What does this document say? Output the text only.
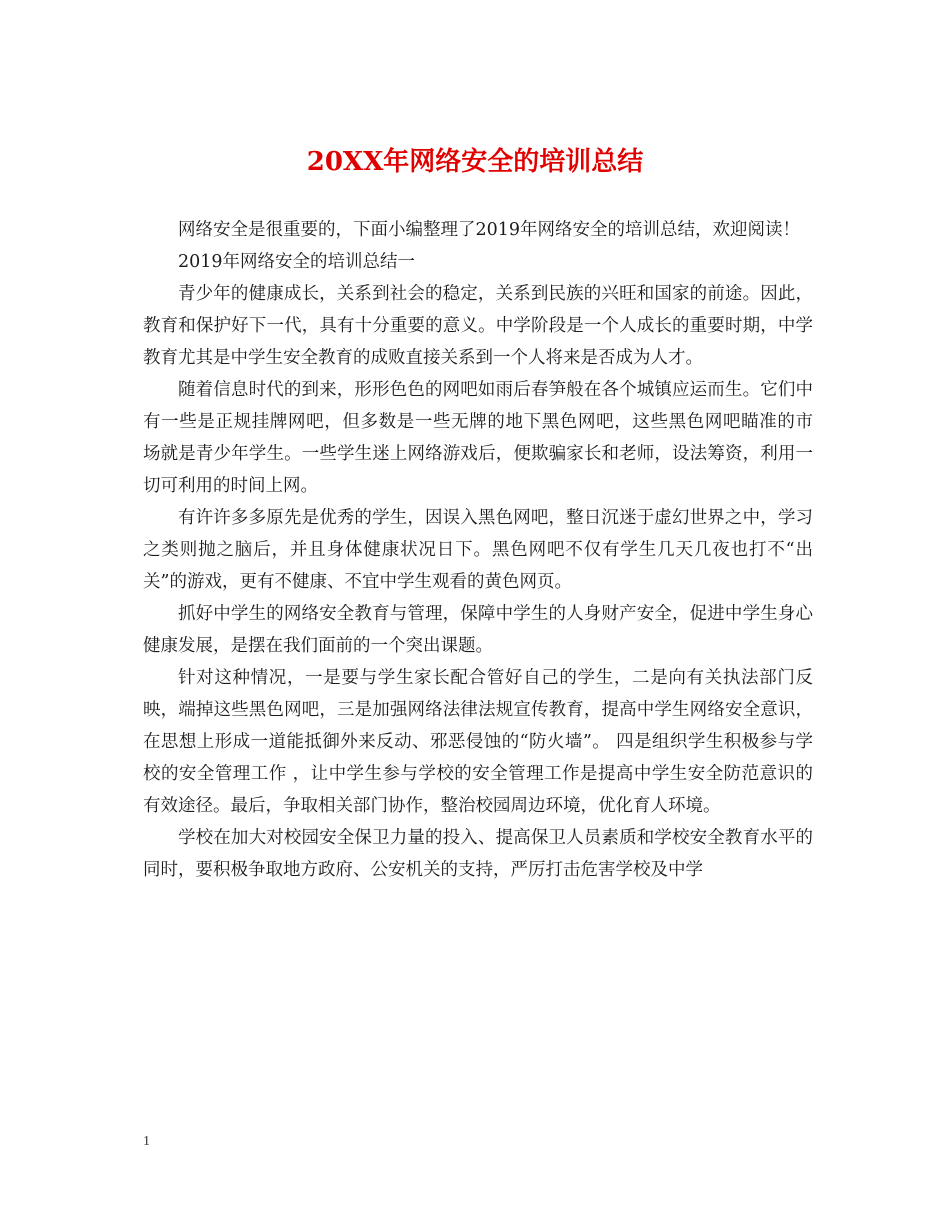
20XX年网络安全的培训总结

网络安全是很重要的，下面小编整理了2019年网络安全的培训总结，欢迎阅读！

2019年网络安全的培训总结一

青少年的健康成长，关系到社会的稳定，关系到民族的兴旺和国家的前途。因此，教育和保护好下一代，具有十分重要的意义。中学阶段是一个人成长的重要时期，中学教育尤其是中学生安全教育的成败直接关系到一个人将来是否成为人才。

随着信息时代的到来，形形色色的网吧如雨后春笋般在各个城镇应运而生。它们中有一些是正规挂牌网吧，但多数是一些无牌的地下黑色网吧，这些黑色网吧瞄准的市 场就是青少年学生。一些学生迷上网络游戏后，便欺骗家长和老师，设法筹资，利用一切可利用的时间上网。

有许许多多原先是优秀的学生，因误入黑色网吧，整日沉迷于虚幻世界之中，学习之类则抛之脑后，并且身体健康状况日下。黑色网吧不仅有学生几天几夜也打不“出关”的游戏，更有不健康、不宜中学生观看的黄色网页。

抓好中学生的网络安全教育与管理，保障中学生的人身财产安全，促进中学生身心健康发展，是摆在我们面前的一个突出课题。

针对这种情况，一是要与学生家长配合管好自己的学生，二是向有关执法部门反映，端掉这些黑色网吧，三是加强网络法律法规宣传教育，提高中学生网络安全意识，在思想上形成一道能抵御外来反动、邪恶侵蚀的“防火墙”。 四是组织学生积极参与学校的安全管理工作 ，让中学生参与学校的安全管理工作是提高中学生安全防范意识的有效途径。最后，争取相关部门协作，整治校园周边环境，优化育人环境。

学校在加大对校园安全保卫力量的投入、提高保卫人员素质和学校安全教育水平的同时，要积极争取地方政府、公安机关的支持，严厉打击危害学校及中学

1
